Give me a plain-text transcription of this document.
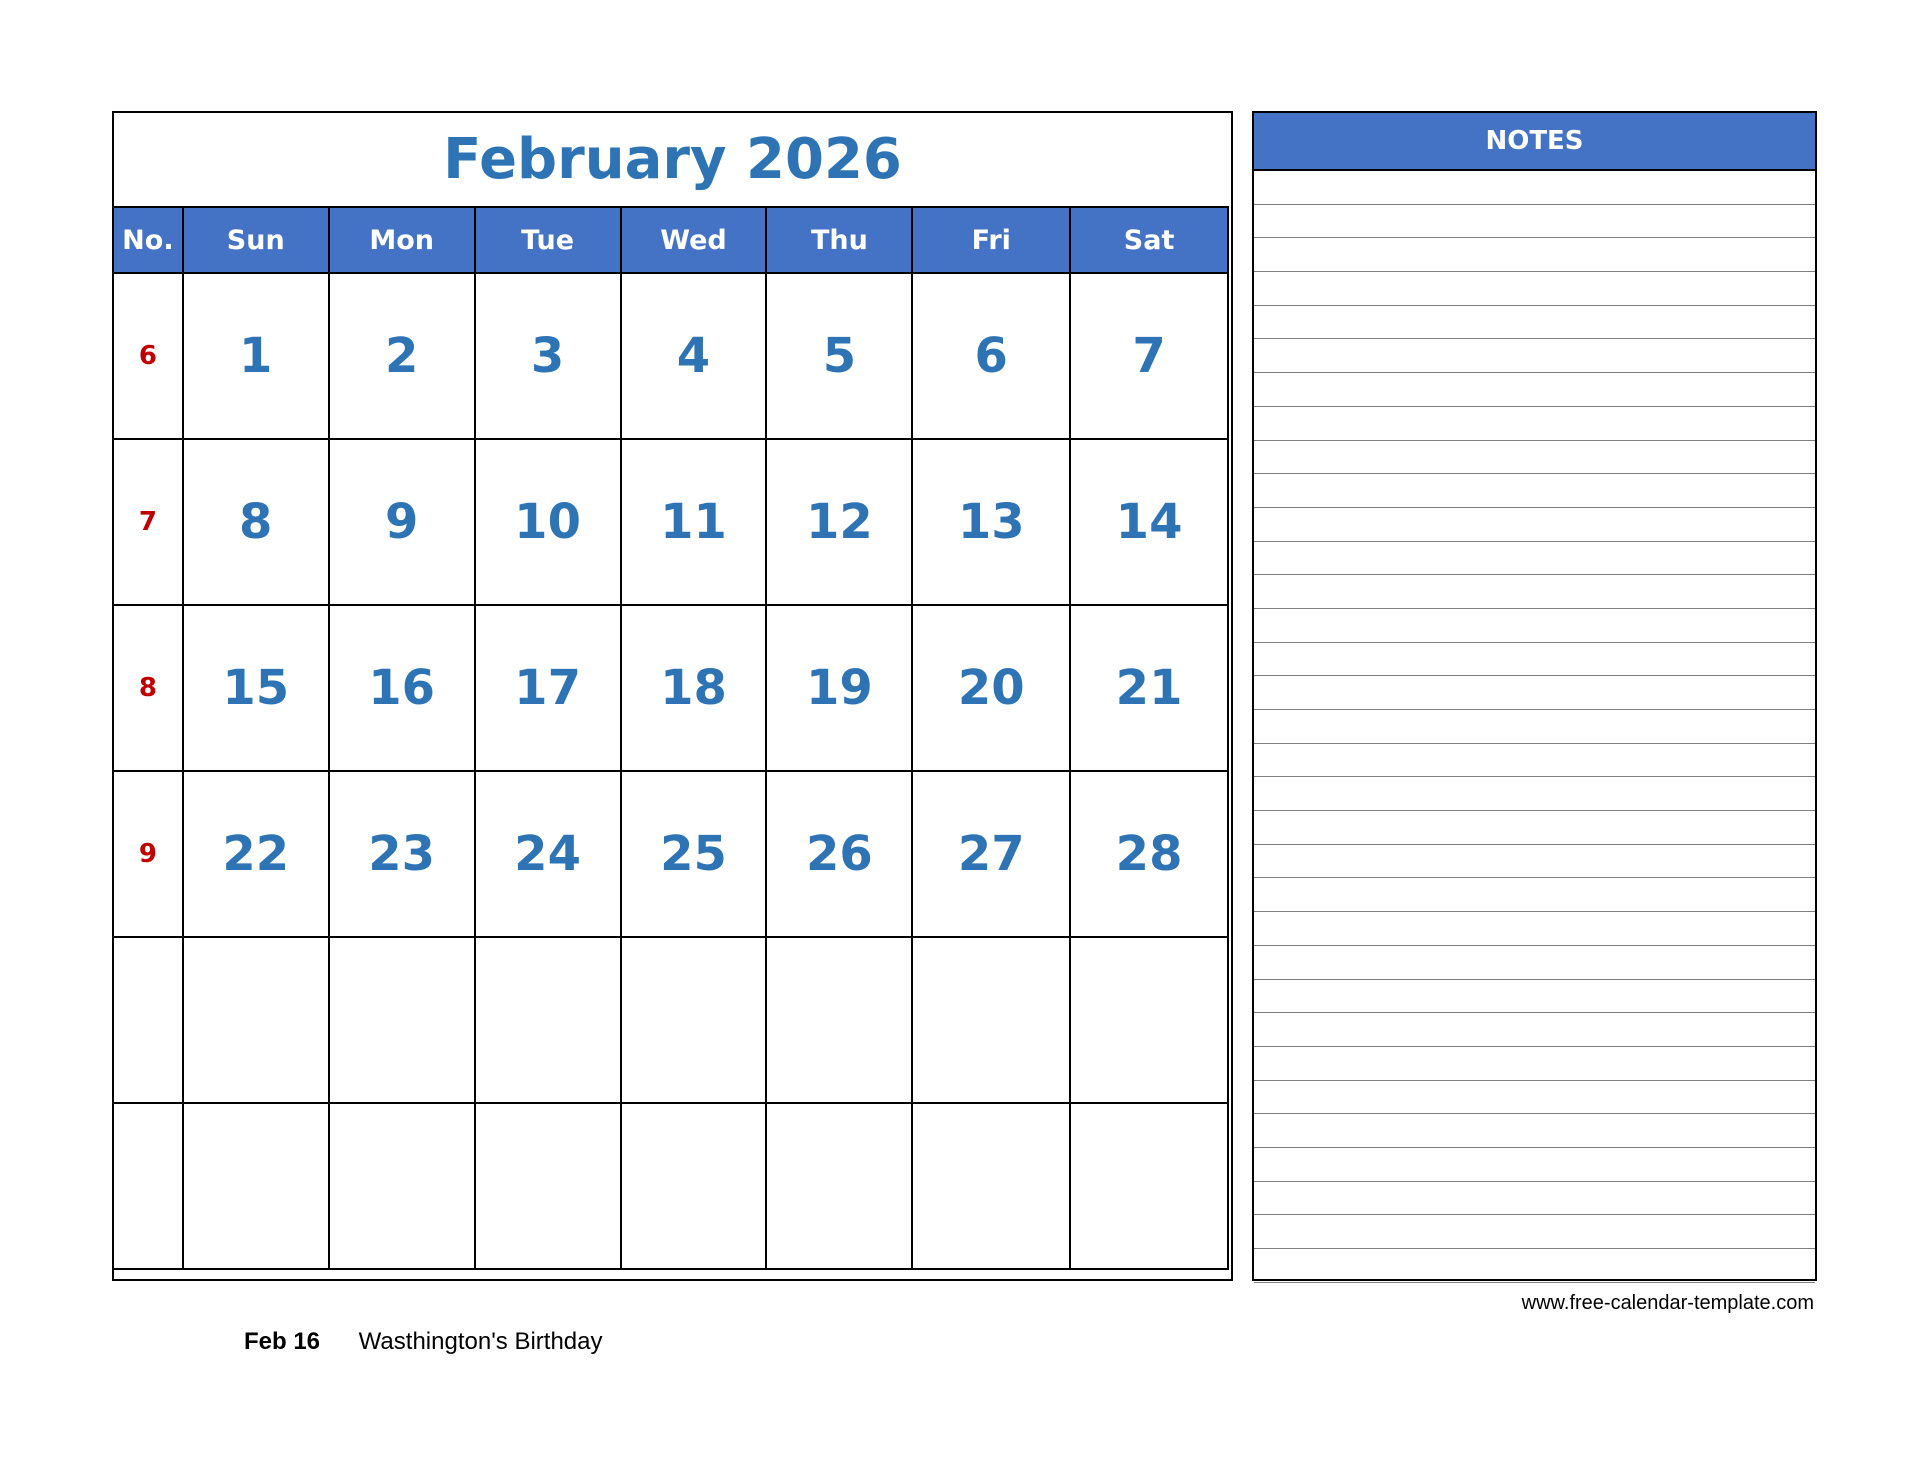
February 2026
No.	Sun	Mon	Tue	Wed	Thu	Fri	Sat
6	1	2	3	4	5	6	7
7	8	9	10	11	12	13	14
8	15	16	17	18	19	20	21
9	22	23	24	25	26	27	28

NOTES
www.free-calendar-template.com
Feb 16 Wasthington's Birthday
